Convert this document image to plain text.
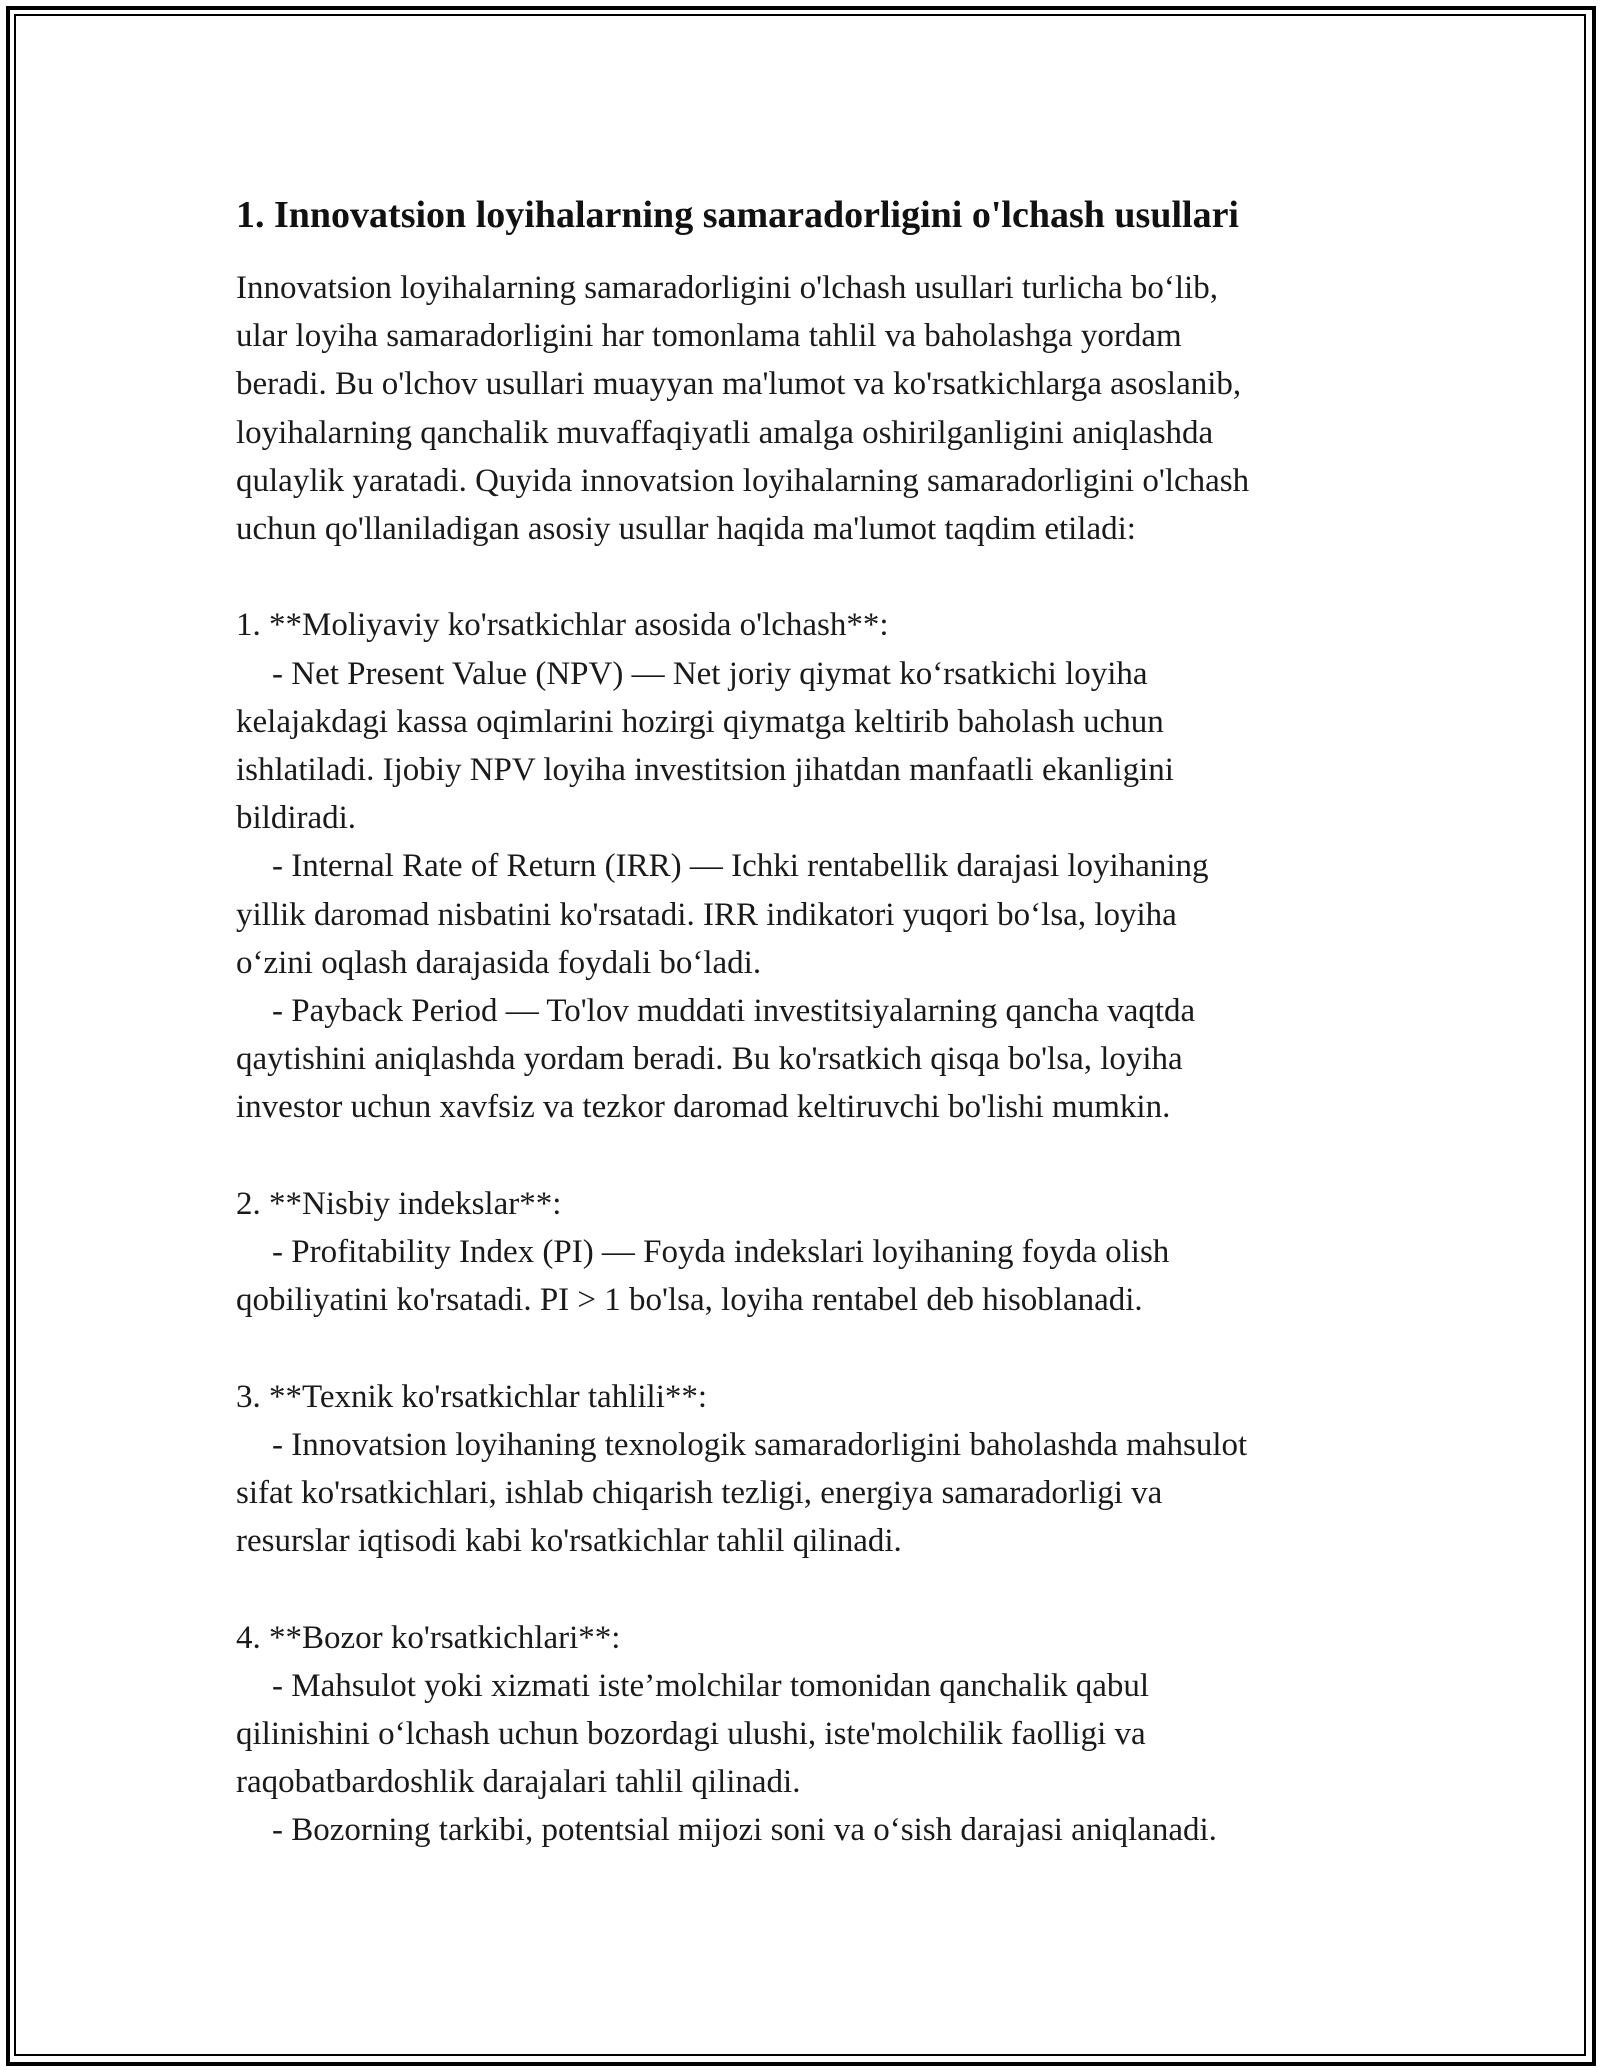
1. Innovatsion loyihalarning samaradorligini o'lchash usullari
Innovatsion loyihalarning samaradorligini o'lchash usullari turlicha bo‘lib,
ular loyiha samaradorligini har tomonlama tahlil va baholashga yordam
beradi. Bu o'lchov usullari muayyan ma'lumot va ko'rsatkichlarga asoslanib,
loyihalarning qanchalik muvaffaqiyatli amalga oshirilganligini aniqlashda
qulaylik yaratadi. Quyida innovatsion loyihalarning samaradorligini o'lchash
uchun qo'llaniladigan asosiy usullar haqida ma'lumot taqdim etiladi:
1. **Moliyaviy ko'rsatkichlar asosida o'lchash**:
- Net Present Value (NPV) — Net joriy qiymat ko‘rsatkichi loyiha
kelajakdagi kassa oqimlarini hozirgi qiymatga keltirib baholash uchun
ishlatiladi. Ijobiy NPV loyiha investitsion jihatdan manfaatli ekanligini
bildiradi.
- Internal Rate of Return (IRR) — Ichki rentabellik darajasi loyihaning
yillik daromad nisbatini ko'rsatadi. IRR indikatori yuqori bo‘lsa, loyiha
o‘zini oqlash darajasida foydali bo‘ladi.
- Payback Period — To'lov muddati investitsiyalarning qancha vaqtda
qaytishini aniqlashda yordam beradi. Bu ko'rsatkich qisqa bo'lsa, loyiha
investor uchun xavfsiz va tezkor daromad keltiruvchi bo'lishi mumkin.
2. **Nisbiy indekslar**:
- Profitability Index (PI) — Foyda indekslari loyihaning foyda olish
qobiliyatini ko'rsatadi. PI > 1 bo'lsa, loyiha rentabel deb hisoblanadi.
3. **Texnik ko'rsatkichlar tahlili**:
- Innovatsion loyihaning texnologik samaradorligini baholashda mahsulot
sifat ko'rsatkichlari, ishlab chiqarish tezligi, energiya samaradorligi va
resurslar iqtisodi kabi ko'rsatkichlar tahlil qilinadi.
4. **Bozor ko'rsatkichlari**:
- Mahsulot yoki xizmati iste’molchilar tomonidan qanchalik qabul
qilinishini o‘lchash uchun bozordagi ulushi, iste'molchilik faolligi va
raqobatbardoshlik darajalari tahlil qilinadi.
- Bozorning tarkibi, potentsial mijozi soni va o‘sish darajasi aniqlanadi.
